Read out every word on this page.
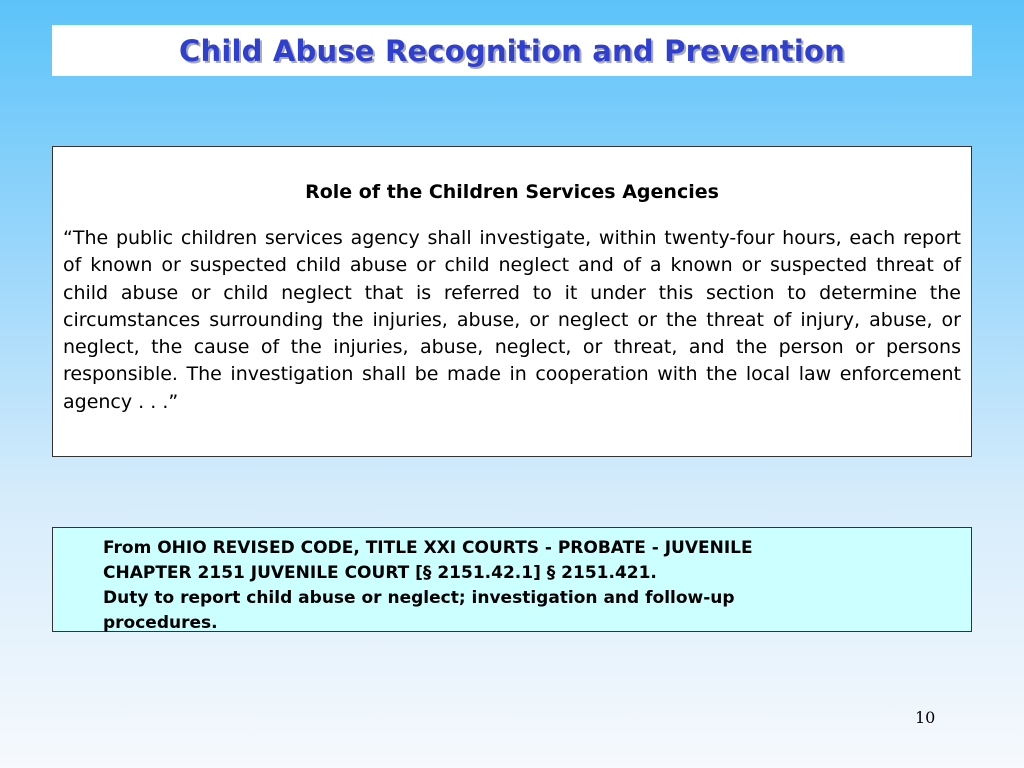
Child Abuse Recognition and Prevention

Role of the Children Services Agencies

“The public children services agency shall investigate, within twenty-four hours, each report of known or suspected child abuse or child neglect and of a known or suspected threat of child abuse or child neglect that is referred to it under this section to determine the circumstances surrounding the injuries, abuse, or neglect or the threat of injury, abuse, or neglect, the cause of the injuries, abuse, neglect, or threat, and the person or persons responsible. The investigation shall be made in cooperation with the local law enforcement agency . . .”

From OHIO REVISED CODE, TITLE XXI COURTS - PROBATE - JUVENILE

CHAPTER 2151 JUVENILE COURT [§ 2151.42.1] § 2151.421.

Duty to report child abuse or neglect; investigation and follow-up

procedures.

10
